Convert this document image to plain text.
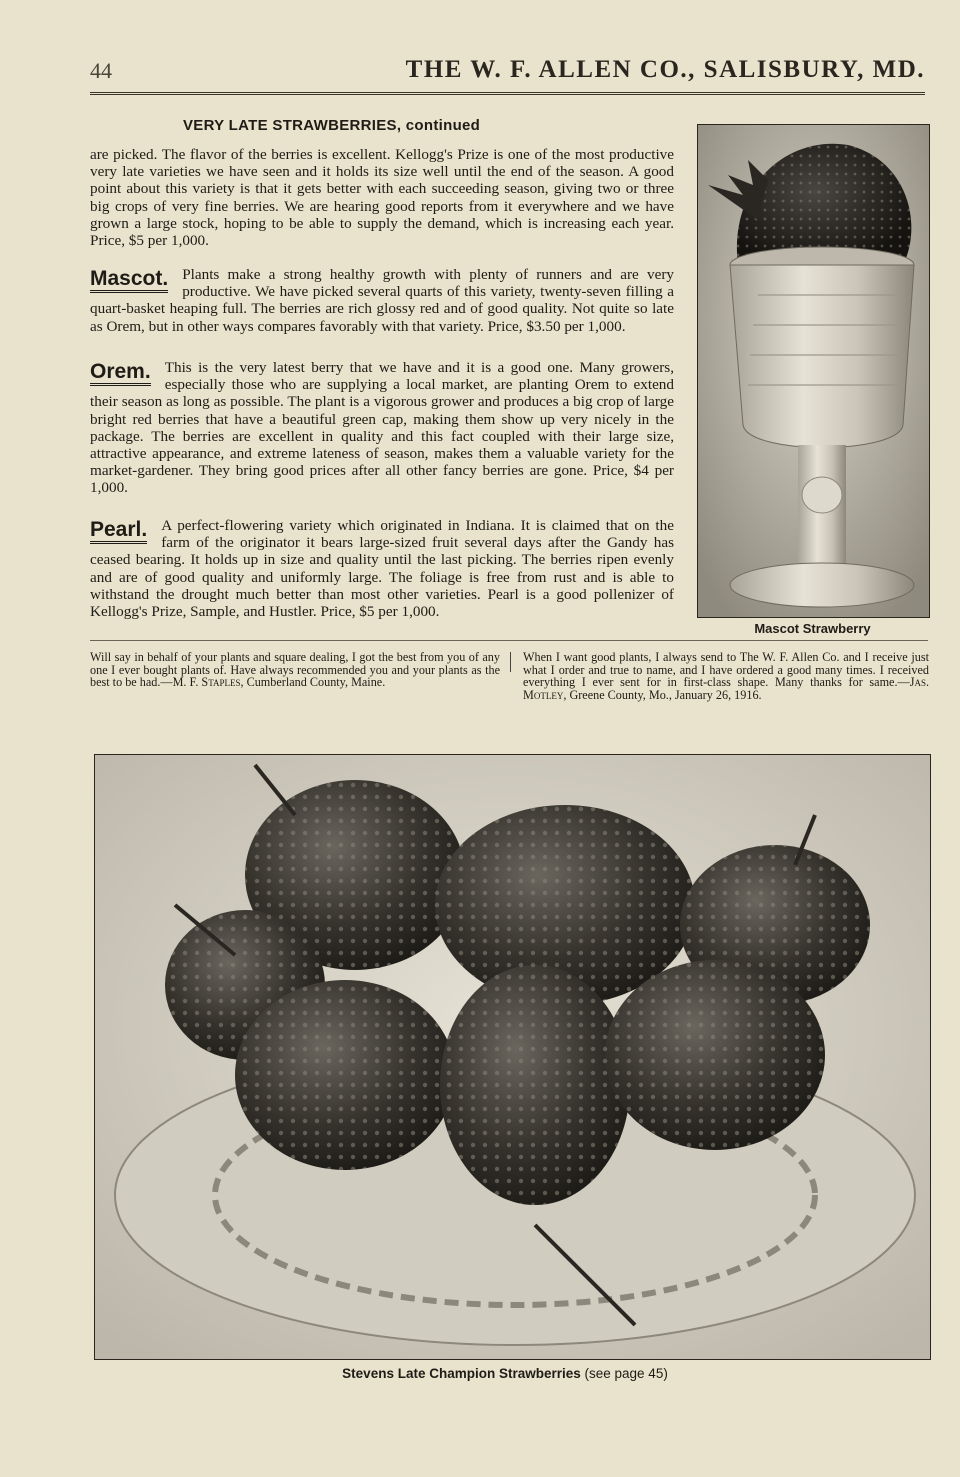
44	THE W. F. ALLEN CO., SALISBURY, MD.
VERY LATE STRAWBERRIES, continued

are picked. The flavor of the berries is excellent. Kellogg's Prize is one of the most productive very late varieties we have seen and it holds its size well until the end of the season. A good point about this variety is that it gets better with each succeeding season, giving two or three big crops of very fine berries. We are hearing good reports from it everywhere and we have grown a large stock, hoping to be able to supply the demand, which is increasing each year. Price, $5 per 1,000.

Mascot. Plants make a strong healthy growth with plenty of runners and are very productive. We have picked several quarts of this variety, twenty-seven filling a quart-basket heaping full. The berries are rich glossy red and of good quality. Not quite so late as Orem, but in other ways compares favorably with that variety. Price, $3.50 per 1,000.

Orem. This is the very latest berry that we have and it is a good one. Many growers, especially those who are supplying a local market, are planting Orem to extend their season as long as possible. The plant is a vigorous grower and produces a big crop of large bright red berries that have a beautiful green cap, making them show up very nicely in the package. The berries are excellent in quality and this fact coupled with their large size, attractive appearance, and extreme lateness of season, makes them a valuable variety for the market-gardener. They bring good prices after all other fancy berries are gone. Price, $4 per 1,000.

Pearl. A perfect-flowering variety which originated in Indiana. It is claimed that on the farm of the originator it bears large-sized fruit several days after the Gandy has ceased bearing. It holds up in size and quality until the last picking. The berries ripen evenly and are of good quality and uniformly large. The foliage is free from rust and is able to withstand the drought much better than most other varieties. Pearl is a good pollenizer of Kellogg's Prize, Sample, and Hustler. Price, $5 per 1,000.

Mascot Strawberry
Will say in behalf of your plants and square dealing, I got the best from you of any one I ever bought plants of. Have always recommended you and your plants as the best to be had.—M. F. Staples, Cumberland County, Maine.
When I want good plants, I always send to The W. F. Allen Co. and I receive just what I order and true to name, and I have ordered a good many times. I received everything I ever sent for in first-class shape. Many thanks for same.—Jas. Motley, Greene County, Mo., January 26, 1916.
Stevens Late Champion Strawberries (see page 45)
